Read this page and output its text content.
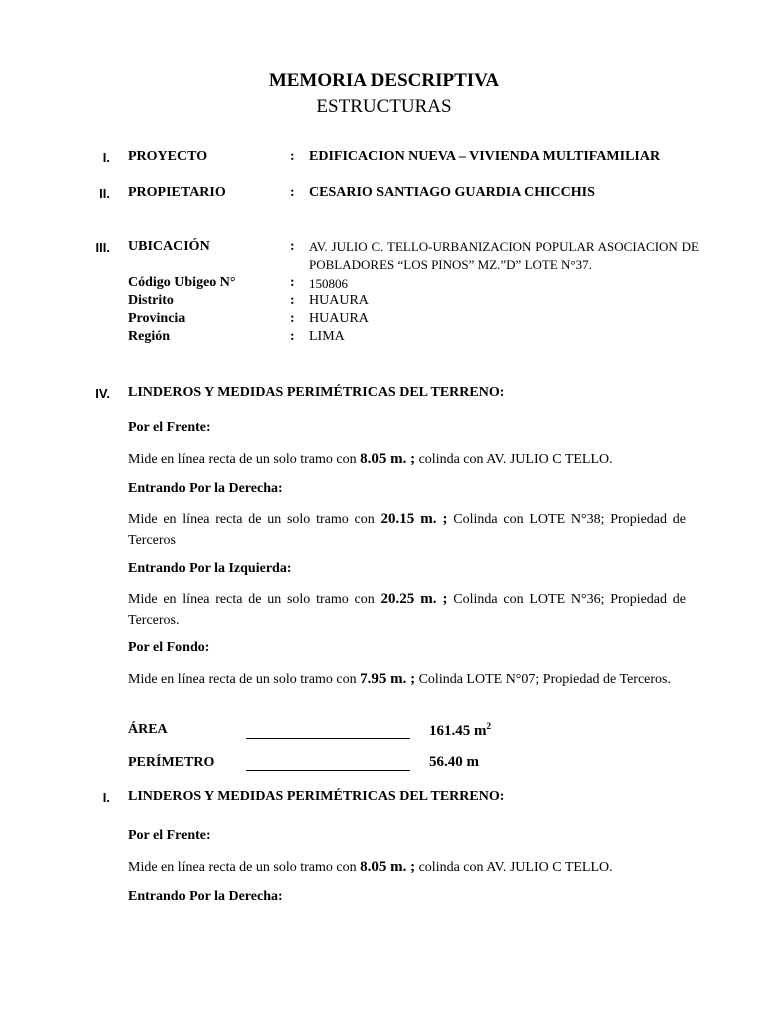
MEMORIA DESCRIPTIVA
ESTRUCTURAS
I. PROYECTO	: EDIFICACION NUEVA – VIVIENDA MULTIFAMILIAR
II. PROPIETARIO	: CESARIO SANTIAGO GUARDIA CHICCHIS
III. UBICACIÓN	: AV. JULIO C. TELLO-URBANIZACION POPULAR ASOCIACION DE POBLADORES “LOS PINOS” MZ.”D” LOTE N°37.
Código Ubigeo N°	: 150806
Distrito	: HUAURA
Provincia	: HUAURA
Región	: LIMA
IV. LINDEROS Y MEDIDAS PERIMÉTRICAS DEL TERRENO:
Por el Frente:
Mide en línea recta de un solo tramo con 8.05 m. ; colinda con AV. JULIO C TELLO.
Entrando Por la Derecha:
Mide en línea recta de un solo tramo con 20.15 m. ; Colinda con LOTE N°38; Propiedad de Terceros
Entrando Por la Izquierda:
Mide en línea recta de un solo tramo con 20.25 m. ; Colinda con LOTE N°36; Propiedad de Terceros.
Por el Fondo:
Mide en línea recta de un solo tramo con 7.95 m. ; Colinda LOTE N°07; Propiedad de Terceros.
ÁREA	161.45 $m^2$
PERÍMETRO	56.40 m
I. LINDEROS Y MEDIDAS PERIMÉTRICAS DEL TERRENO:
Por el Frente:
Mide en línea recta de un solo tramo con 8.05 m. ; colinda con AV. JULIO C TELLO.
Entrando Por la Derecha:
